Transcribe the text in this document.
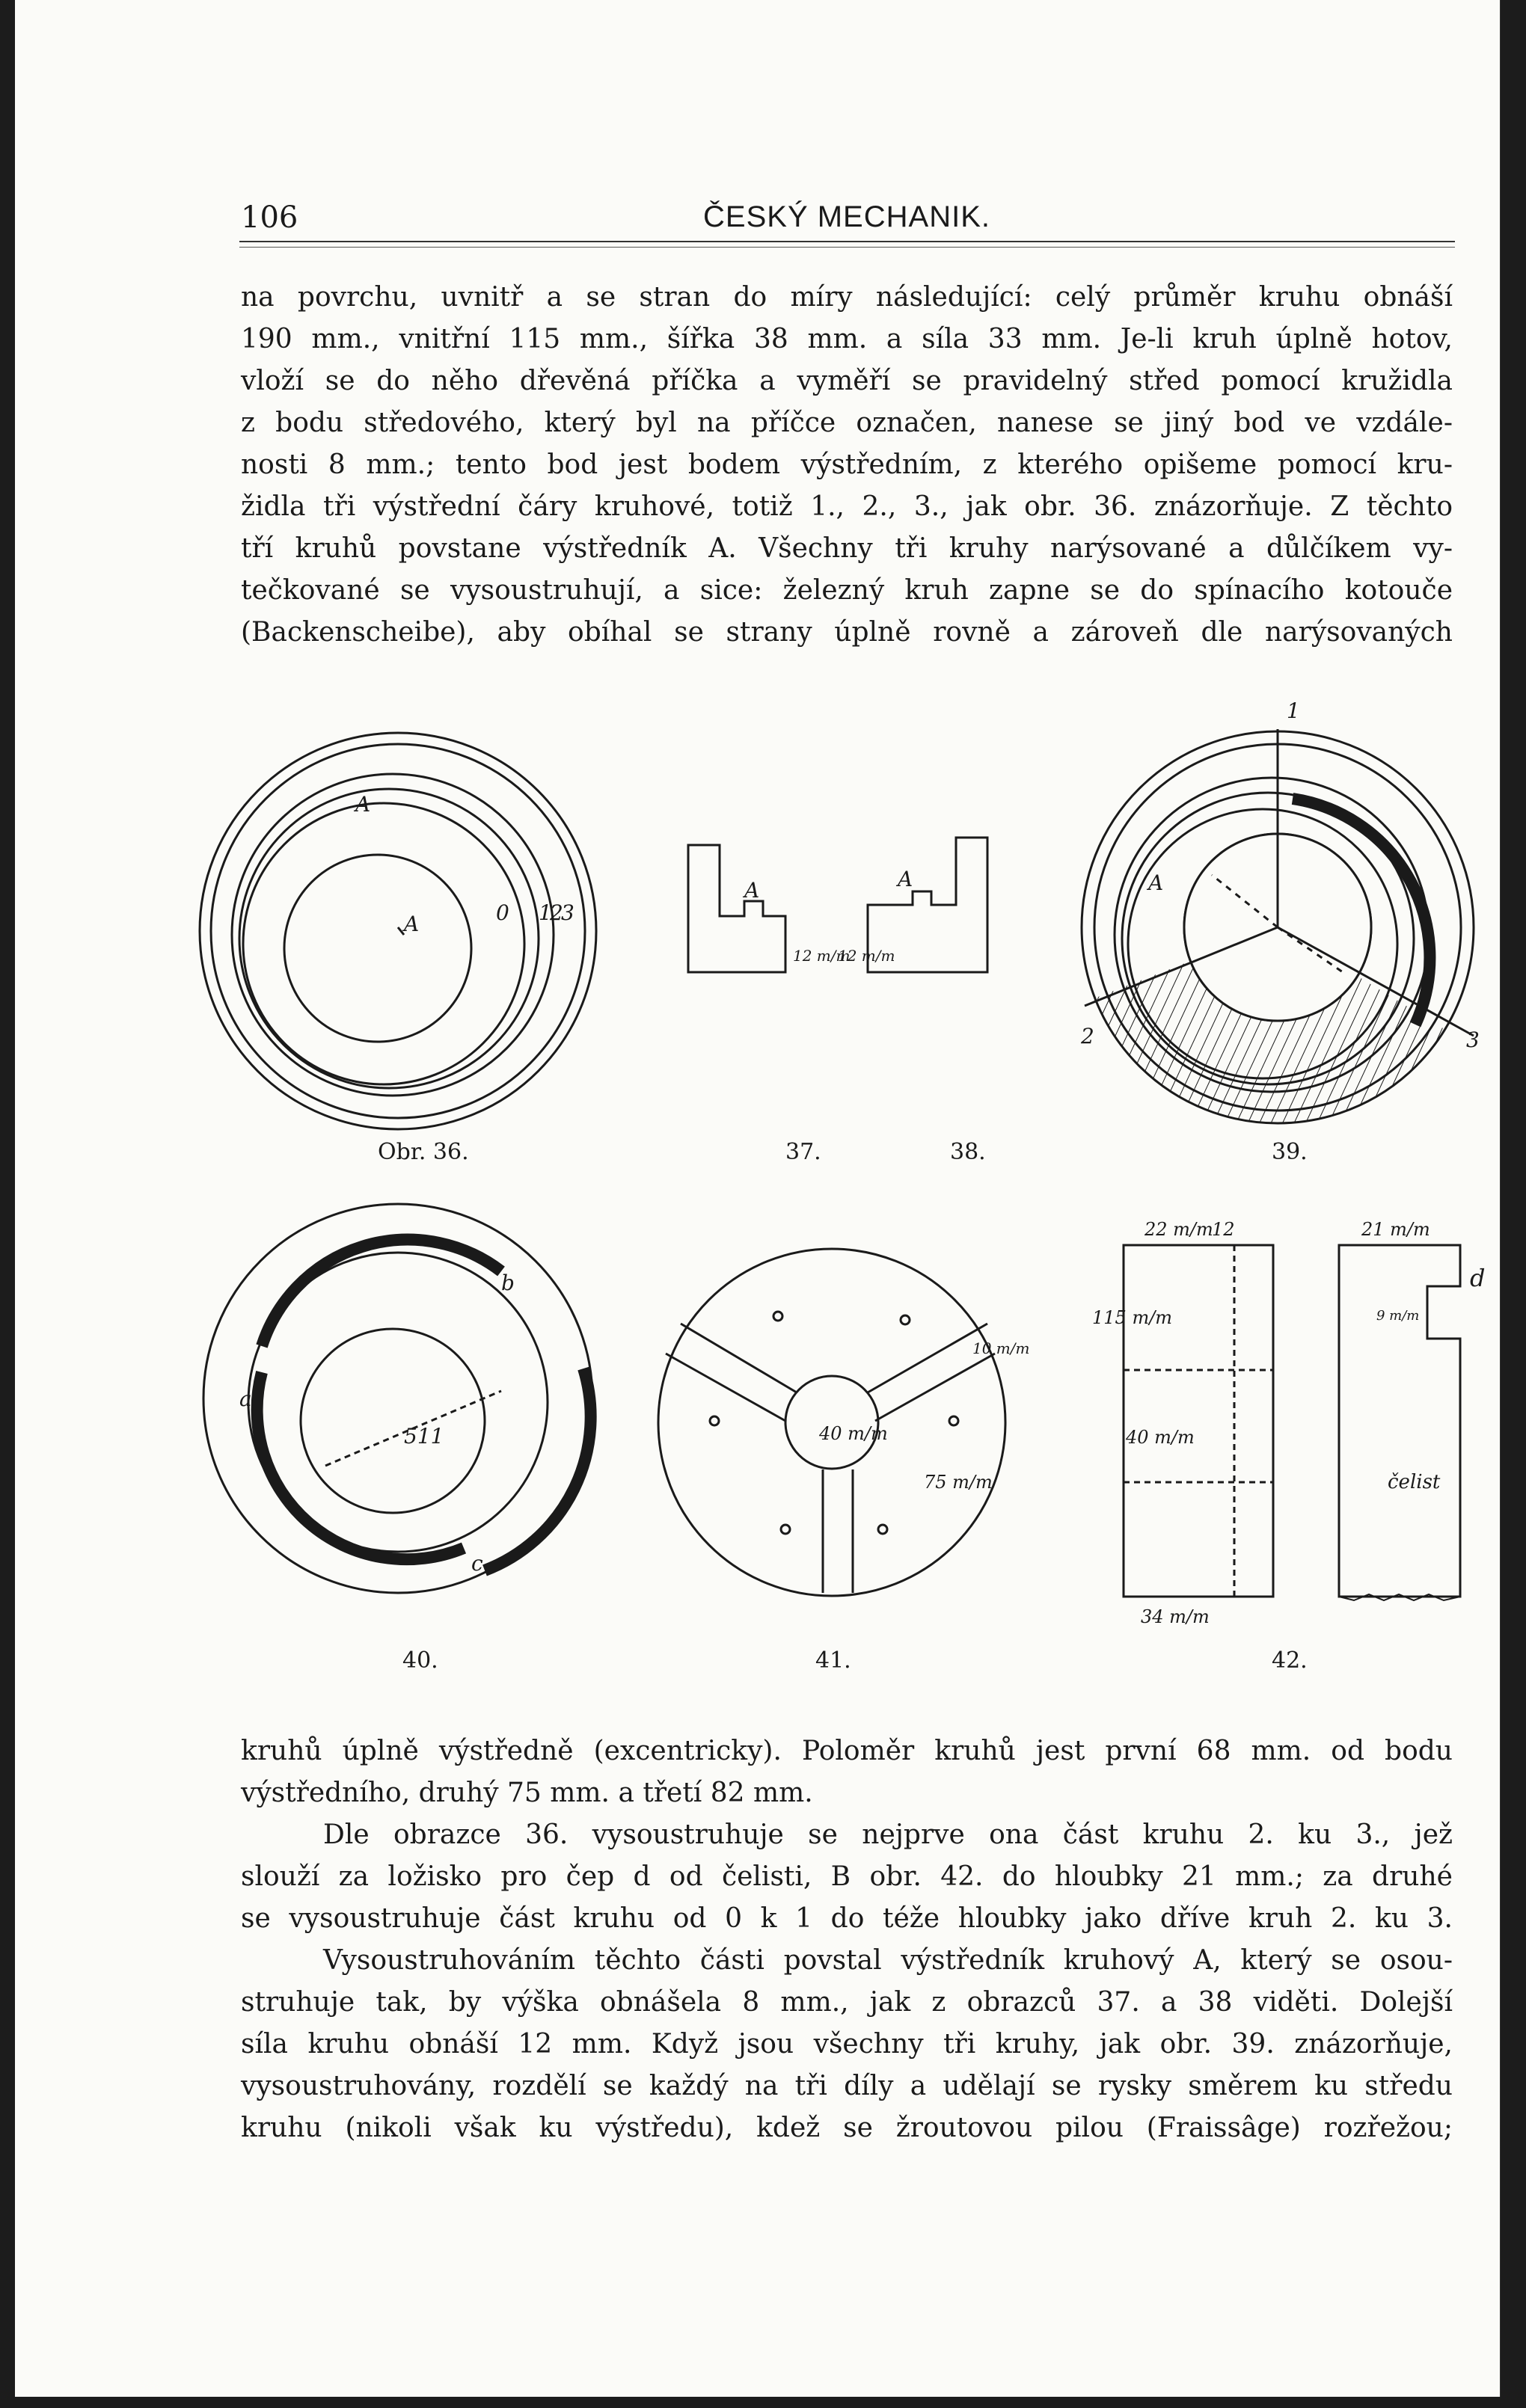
106	ČESKÝ MECHANIK.
na povrchu, uvnitř a se stran do míry následující: celý průměr kruhu obnáší
190 mm., vnitřní 115 mm., šířka 38 mm. a síla 33 mm. Je-li kruh úplně hotov,
vloží se do něho dřevěná příčka a vyměří se pravidelný střed pomocí kružidla
z bodu středového, který byl na příčce označen, nanese se jiný bod ve vzdále-
nosti 8 mm.; tento bod jest bodem výstředním, z kterého opišeme pomocí kru-
židla tři výstřední čáry kruhové, totiž 1., 2., 3., jak obr. 36. znázorňuje. Z těchto
tří kruhů povstane výstředník A. Všechny tři kruhy narýsované a důlčíkem vy-
tečkované se vysoustruhují, a sice: železný kruh zapne se do spínacího kotouče
(Backenscheibe), aby obíhal se strany úplně rovně a zároveň dle narýsovaných
A
A	0 1
2
3
A
12 m/m
A
12 m/m
1
2	3
A
511
a
b
c
40 m/m
75 m/m
10 m/m
22 m/m
12
115 m/m
40 m/m
34 m/m
21 m/m
d
9 m/m
čelist
Obr. 36.	37.	38.	39.
40.	41.	42.
kruhů úplně výstředně (excentricky). Poloměr kruhů jest první 68 mm. od bodu
výstředního, druhý 75 mm. a třetí 82 mm.
Dle obrazce 36. vysoustruhuje se nejprve ona část kruhu 2. ku 3., jež
slouží za ložisko pro čep d od čelisti, B obr. 42. do hloubky 21 mm.; za druhé
se vysoustruhuje část kruhu od 0 k 1 do téže hloubky jako dříve kruh 2. ku 3.
Vysoustruhováním těchto části povstal výstředník kruhový A, který se osou-
struhuje tak, by výška obnášela 8 mm., jak z obrazců 37. a 38 viděti. Dolejší
síla kruhu obnáší 12 mm. Když jsou všechny tři kruhy, jak obr. 39. znázorňuje,
vysoustruhovány, rozdělí se každý na tři díly a udělají se rysky směrem ku středu
kruhu (nikoli však ku výstředu), kdež se žroutovou pilou (Fraissâge) rozřežou;
